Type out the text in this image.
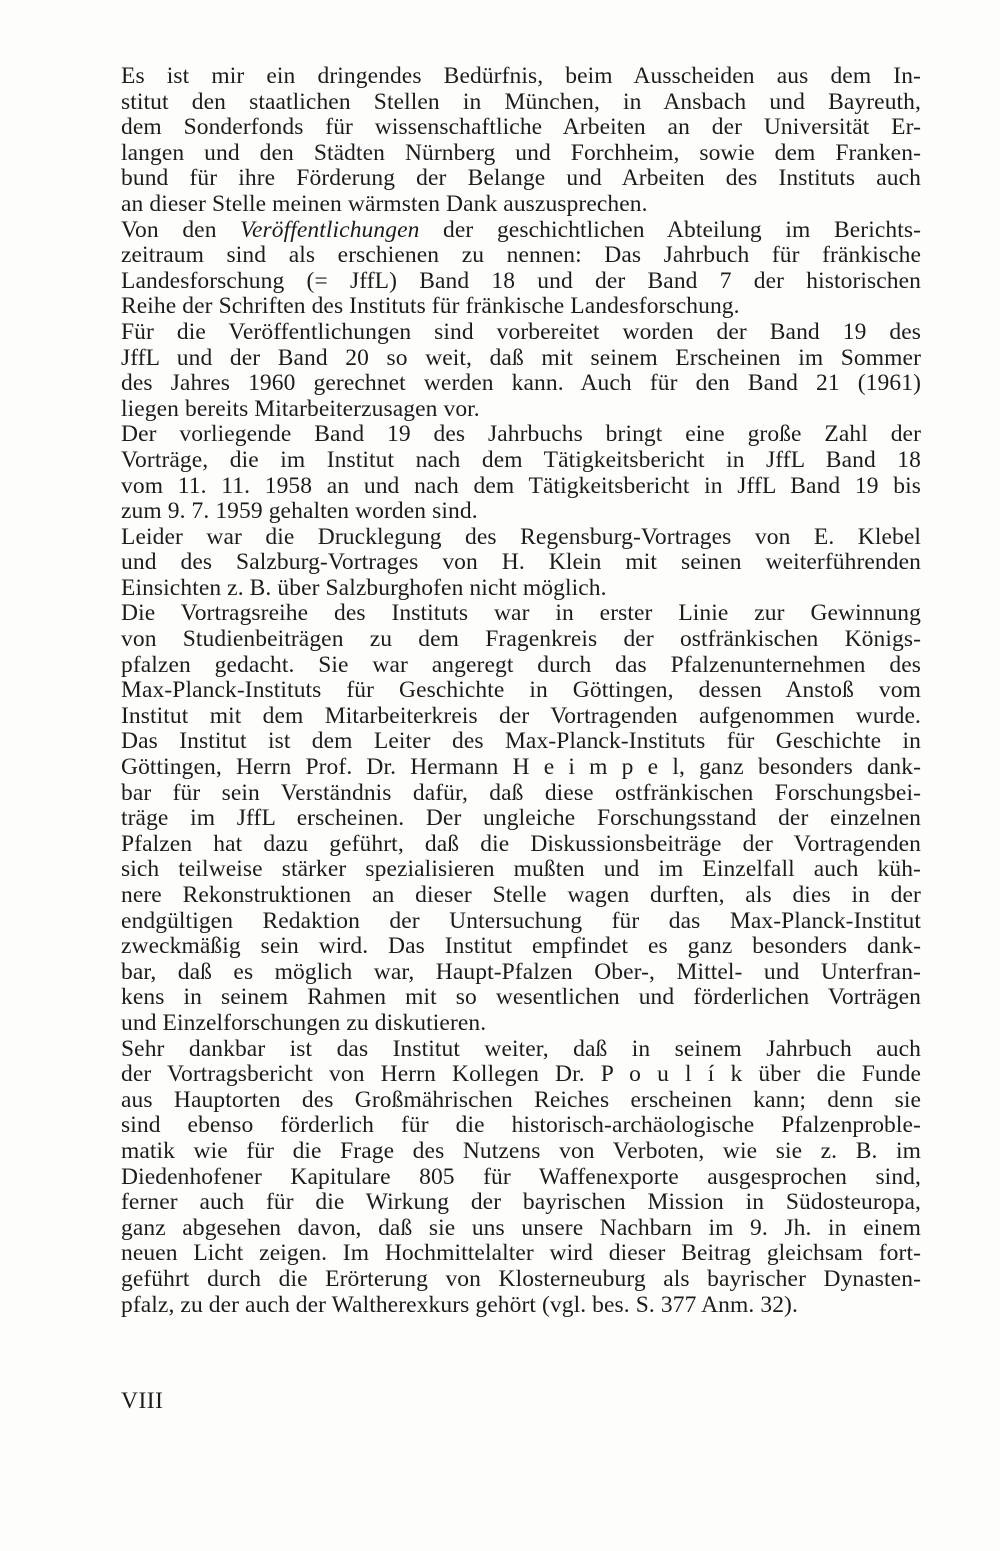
Es ist mir ein dringendes Bedürfnis, beim Ausscheiden aus dem In-
stitut den staatlichen Stellen in München, in Ansbach und Bayreuth,
dem Sonderfonds für wissenschaftliche Arbeiten an der Universität Er-
langen und den Städten Nürnberg und Forchheim, sowie dem Franken-
bund für ihre Förderung der Belange und Arbeiten des Instituts auch
an dieser Stelle meinen wärmsten Dank auszusprechen.
Von den Veröffentlichungen der geschichtlichen Abteilung im Berichts-
zeitraum sind als erschienen zu nennen: Das Jahrbuch für fränkische
Landesforschung (= JffL) Band 18 und der Band 7 der historischen
Reihe der Schriften des Instituts für fränkische Landesforschung.
Für die Veröffentlichungen sind vorbereitet worden der Band 19 des
JffL und der Band 20 so weit, daß mit seinem Erscheinen im Sommer
des Jahres 1960 gerechnet werden kann. Auch für den Band 21 (1961)
liegen bereits Mitarbeiterzusagen vor.
Der vorliegende Band 19 des Jahrbuchs bringt eine große Zahl der
Vorträge, die im Institut nach dem Tätigkeitsbericht in JffL Band 18
vom 11. 11. 1958 an und nach dem Tätigkeitsbericht in JffL Band 19 bis
zum 9. 7. 1959 gehalten worden sind.
Leider war die Drucklegung des Regensburg-Vortrages von E. Klebel
und des Salzburg-Vortrages von H. Klein mit seinen weiterführenden
Einsichten z. B. über Salzburghofen nicht möglich.
Die Vortragsreihe des Instituts war in erster Linie zur Gewinnung
von Studienbeiträgen zu dem Fragenkreis der ostfränkischen Königs-
pfalzen gedacht. Sie war angeregt durch das Pfalzenunternehmen des
Max-Planck-Instituts für Geschichte in Göttingen, dessen Anstoß vom
Institut mit dem Mitarbeiterkreis der Vortragenden aufgenommen wurde.
Das Institut ist dem Leiter des Max-Planck-Instituts für Geschichte in
Göttingen, Herrn Prof. Dr. Hermann H e i m p e l, ganz besonders dank-
bar für sein Verständnis dafür, daß diese ostfränkischen Forschungsbei-
träge im JffL erscheinen. Der ungleiche Forschungsstand der einzelnen
Pfalzen hat dazu geführt, daß die Diskussionsbeiträge der Vortragenden
sich teilweise stärker spezialisieren mußten und im Einzelfall auch küh-
nere Rekonstruktionen an dieser Stelle wagen durften, als dies in der
endgültigen Redaktion der Untersuchung für das Max-Planck-Institut
zweckmäßig sein wird. Das Institut empfindet es ganz besonders dank-
bar, daß es möglich war, Haupt-Pfalzen Ober-, Mittel- und Unterfran-
kens in seinem Rahmen mit so wesentlichen und förderlichen Vorträgen
und Einzelforschungen zu diskutieren.
Sehr dankbar ist das Institut weiter, daß in seinem Jahrbuch auch
der Vortragsbericht von Herrn Kollegen Dr. P o u l í k über die Funde
aus Hauptorten des Großmährischen Reiches erscheinen kann; denn sie
sind ebenso förderlich für die historisch-archäologische Pfalzenproble-
matik wie für die Frage des Nutzens von Verboten, wie sie z. B. im
Diedenhofener Kapitulare 805 für Waffenexporte ausgesprochen sind,
ferner auch für die Wirkung der bayrischen Mission in Südosteuropa,
ganz abgesehen davon, daß sie uns unsere Nachbarn im 9. Jh. in einem
neuen Licht zeigen. Im Hochmittelalter wird dieser Beitrag gleichsam fort-
geführt durch die Erörterung von Klosterneuburg als bayrischer Dynasten-
pfalz, zu der auch der Waltherexkurs gehört (vgl. bes. S. 377 Anm. 32).
VIII
